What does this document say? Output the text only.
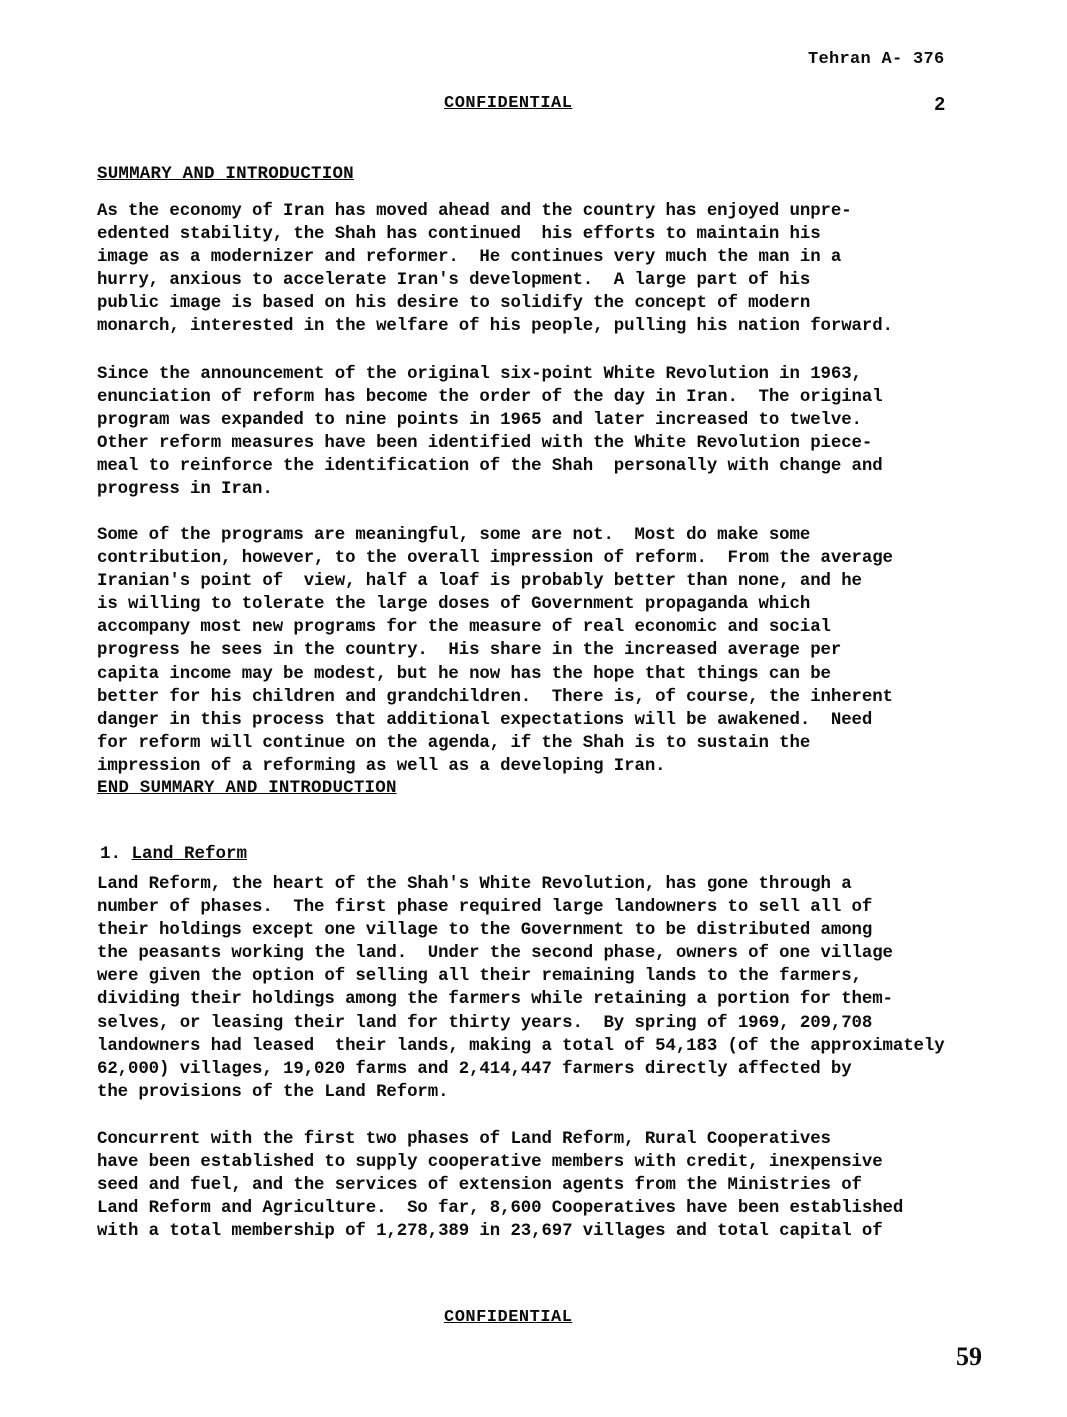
Tehran A- 376
CONFIDENTIAL	2
SUMMARY AND INTRODUCTION
As the economy of Iran has moved ahead and the country has enjoyed unpre-
edented stability, the Shah has continued  his efforts to maintain his
image as a modernizer and reformer.  He continues very much the man in a
hurry, anxious to accelerate Iran's development.  A large part of his
public image is based on his desire to solidify the concept of modern
monarch, interested in the welfare of his people, pulling his nation forward.
Since the announcement of the original six-point White Revolution in 1963,
enunciation of reform has become the order of the day in Iran.  The original
program was expanded to nine points in 1965 and later increased to twelve.
Other reform measures have been identified with the White Revolution piece-
meal to reinforce the identification of the Shah  personally with change and
progress in Iran.
Some of the programs are meaningful, some are not.  Most do make some
contribution, however, to the overall impression of reform.  From the average
Iranian's point of  view, half a loaf is probably better than none, and he
is willing to tolerate the large doses of Government propaganda which
accompany most new programs for the measure of real economic and social
progress he sees in the country.  His share in the increased average per
capita income may be modest, but he now has the hope that things can be
better for his children and grandchildren.  There is, of course, the inherent
danger in this process that additional expectations will be awakened.  Need
for reform will continue on the agenda, if the Shah is to sustain the
impression of a reforming as well as a developing Iran.
END SUMMARY AND INTRODUCTION
1. Land Reform
Land Reform, the heart of the Shah's White Revolution, has gone through a
number of phases.  The first phase required large landowners to sell all of
their holdings except one village to the Government to be distributed among
the peasants working the land.  Under the second phase, owners of one village
were given the option of selling all their remaining lands to the farmers,
dividing their holdings among the farmers while retaining a portion for them-
selves, or leasing their land for thirty years.  By spring of 1969, 209,708
landowners had leased  their lands, making a total of 54,183 (of the approximately
62,000) villages, 19,020 farms and 2,414,447 farmers directly affected by
the provisions of the Land Reform.
Concurrent with the first two phases of Land Reform, Rural Cooperatives
have been established to supply cooperative members with credit, inexpensive
seed and fuel, and the services of extension agents from the Ministries of
Land Reform and Agriculture.  So far, 8,600 Cooperatives have been established
with a total membership of 1,278,389 in 23,697 villages and total capital of
CONFIDENTIAL
59
